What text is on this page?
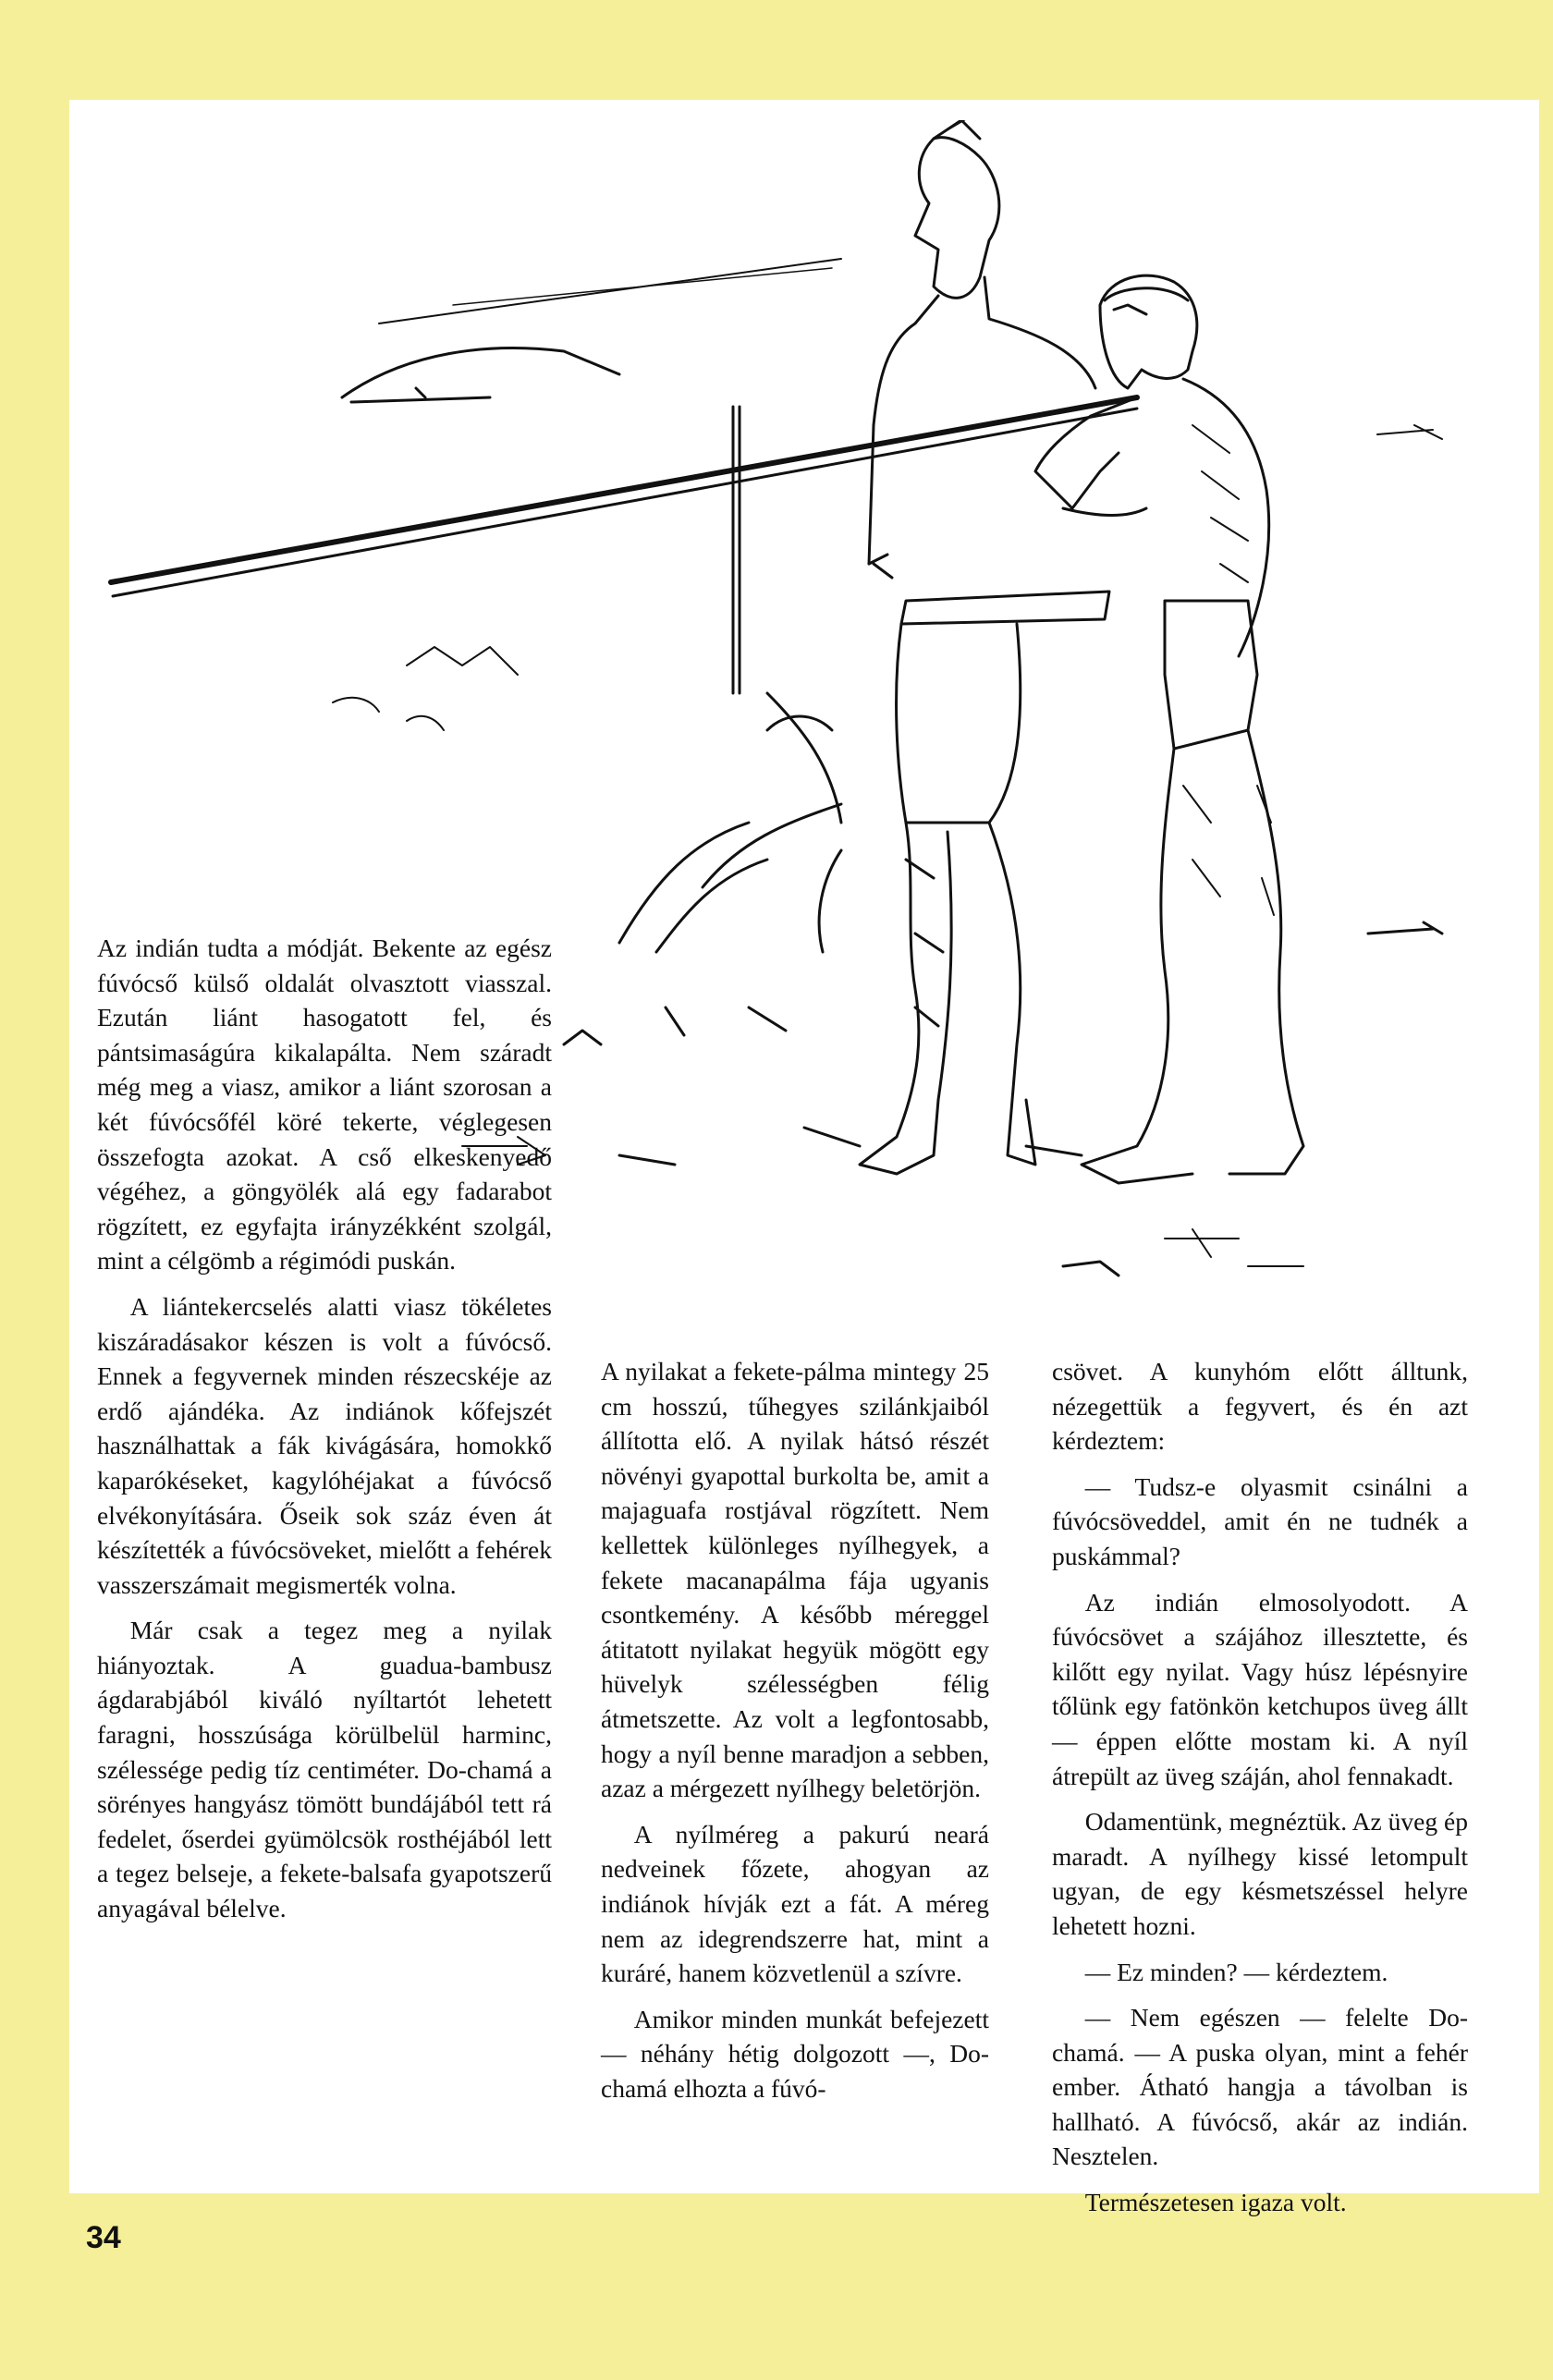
Az indián tudta a módját. Bekente az egész fúvócső külső oldalát olvasztott viasszal. Ezután liánt hasogatott fel, és pántsimaságúra kikalapálta. Nem száradt még meg a viasz, amikor a liánt szorosan a két fúvócsőfél köré tekerte, véglegesen összefogta azokat. A cső elkeskenyedő végéhez, a göngyölék alá egy fadarabot rögzített, ez egyfajta irányzékként szolgál, mint a célgömb a régimódi puskán.

A liántekercselés alatti viasz tökéletes kiszáradásakor készen is volt a fúvócső. Ennek a fegyvernek minden részecskéje az erdő ajándéka. Az indiánok kőfejszét használhattak a fák kivágására, homokkő kaparókéseket, kagylóhéjakat a fúvócső elvékonyítására. Őseik sok száz éven át készítették a fúvócsöveket, mielőtt a fehérek vasszerszámait megismerték volna.

Már csak a tegez meg a nyilak hiányoztak. A guadua-bambusz ágdarabjából kiváló nyíltartót lehetett faragni, hosszúsága körülbelül harminc, szélessége pedig tíz centiméter. Do-chamá a sörényes hangyász tömött bundájából tett rá fedelet, őserdei gyümölcsök rosthéjából lett a tegez belseje, a fekete-balsafa gyapotszerű anyagával bélelve.

A nyilakat a fekete-pálma mintegy 25 cm hosszú, tűhegyes szilánkjaiból állította elő. A nyilak hátsó részét növényi gyapottal burkolta be, amit a majaguafa rostjával rögzített. Nem kellettek különleges nyílhegyek, a fekete macanapálma fája ugyanis csontkemény. A később méreggel átitatott nyilakat hegyük mögött egy hüvelyk szélességben félig átmetszette. Az volt a legfontosabb, hogy a nyíl benne maradjon a sebben, azaz a mérgezett nyílhegy beletörjön.

A nyílméreg a pakurú neará nedveinek főzete, ahogyan az indiánok hívják ezt a fát. A méreg nem az idegrendszerre hat, mint a kuráré, hanem közvetlenül a szívre.

Amikor minden munkát befejezett — néhány hétig dolgozott —, Do-chamá elhozta a fúvó-

csövet. A kunyhóm előtt álltunk, nézegettük a fegyvert, és én azt kérdeztem:

— Tudsz-e olyasmit csinálni a fúvócsöveddel, amit én ne tudnék a puskámmal?

Az indián elmosolyodott. A fúvócsövet a szájához illesztette, és kilőtt egy nyilat. Vagy húsz lépésnyire tőlünk egy fatönkön ketchupos üveg állt — éppen előtte mostam ki. A nyíl átrepült az üveg száján, ahol fennakadt.

Odamentünk, megnéztük. Az üveg ép maradt. A nyílhegy kissé letompult ugyan, de egy késmetszéssel helyre lehetett hozni.

— Ez minden? — kérdeztem.

— Nem egészen — felelte Do-chamá. — A puska olyan, mint a fehér ember. Átható hangja a távolban is hallható. A fúvócső, akár az indián. Nesztelen.

Természetesen igaza volt.

34
